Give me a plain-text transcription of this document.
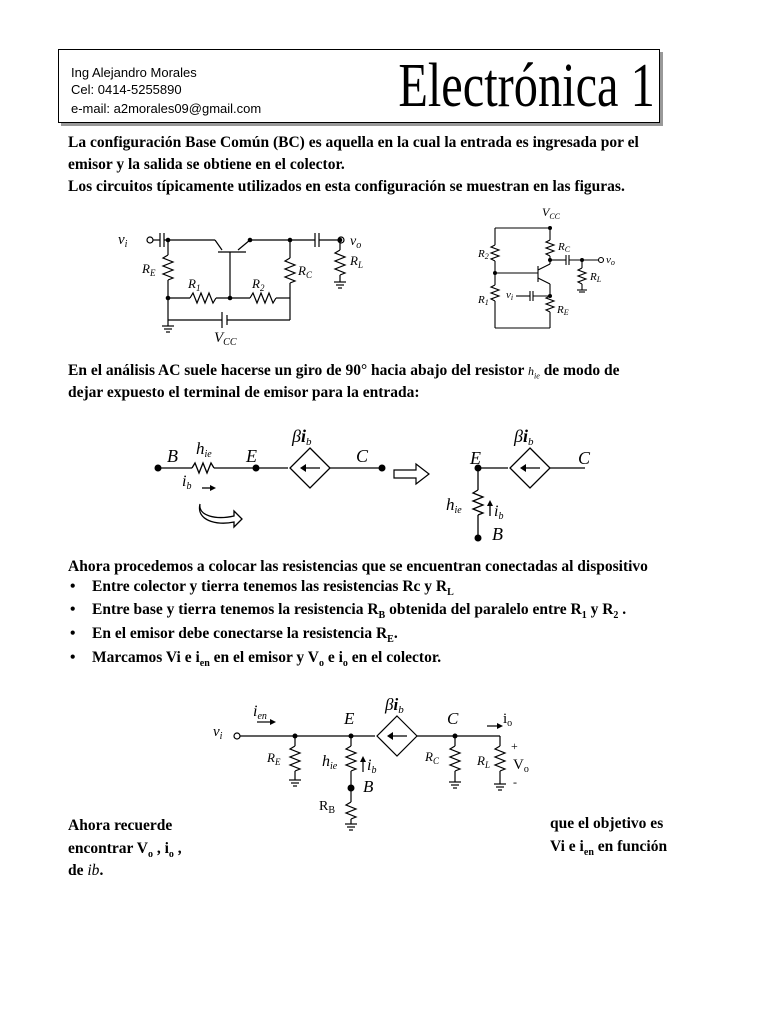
Ing Alejandro Morales
Cel: 0414-5255890
e-mail: a2morales09@gmail.com Electrónica 1
La configuración Base Común (BC) es aquella en la cual la entrada es ingresada por el
emisor y la salida se obtiene en el colector.
Los circuitos típicamente utilizados en esta configuración se muestran en las figuras.
$v_i$	$v_o$
$R_E$
$R_1$	$R_2$
$R_C$
$R_L$
$V_{CC}$
$V_{CC}$
R2
RC
vo
RL
R1
vi
RE
En el análisis AC suele hacerse un giro de 90° hacia abajo del resistor $h_{ie}$ de modo de
dejar expuesto el terminal de emisor para la entrada:
B hie
ib
E
βib
C	E
βib
C
hie ib
B
Ahora procedemos a colocar las resistencias que se encuentran conectadas al dispositivo
• Entre colector y tierra tenemos las resistencias Rc y $R_L$
• Entre base y tierra tenemos la resistencia $R_B$ obtenida del paralelo entre $R_1$ y $R_2$ .
• En el emisor debe conectarse la resistencia $R_E$.
• Marcamos Vi e $i_{en}$ en el emisor y $V_o$ e $i_o$ en el colector.
$v_i$
ien	E
βib	C	$i_o$
$R_E$	hie ib
B
$R_B$
$R_C$	$R_L$
+
$V_o$
-
Ahora recuerde
encontrar $V_o$ , $i_o$ ,
de ib.
que el objetivo es
Vi e $i_{en}$ en función
